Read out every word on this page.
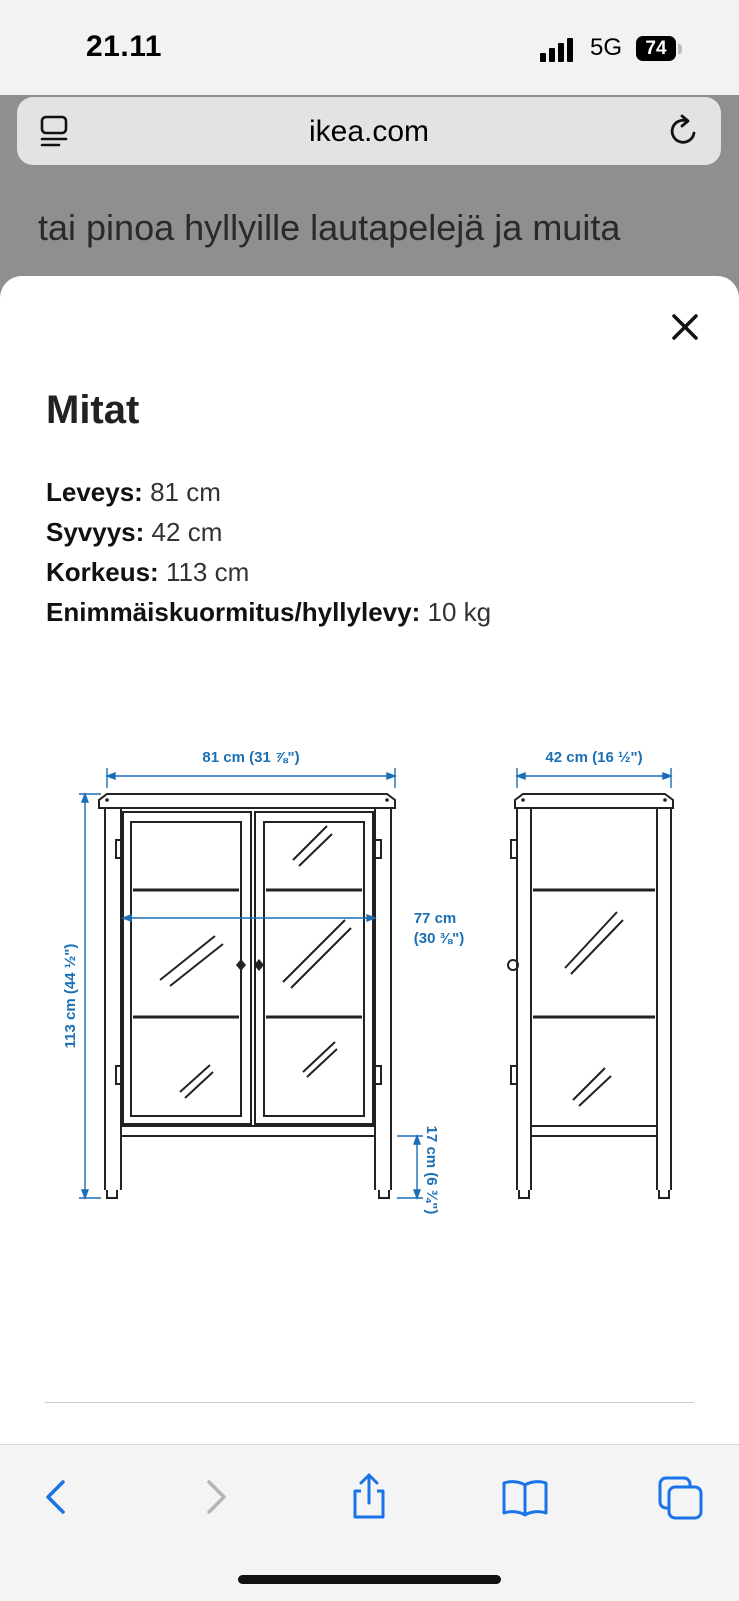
21.11	5G	74
ikea.com
tai pinoa hyllyille lautapelejä ja muita
Mitat
Leveys: 81 cm
Syvyys: 42 cm
Korkeus: 113 cm
Enimmäiskuormitus/hyllylevy: 10 kg
81 cm (31 ⅞")	42 cm (16 ½")
113 cm (44 ½")
77 cm
(30 ⅜")
17 cm (6 ¾")
